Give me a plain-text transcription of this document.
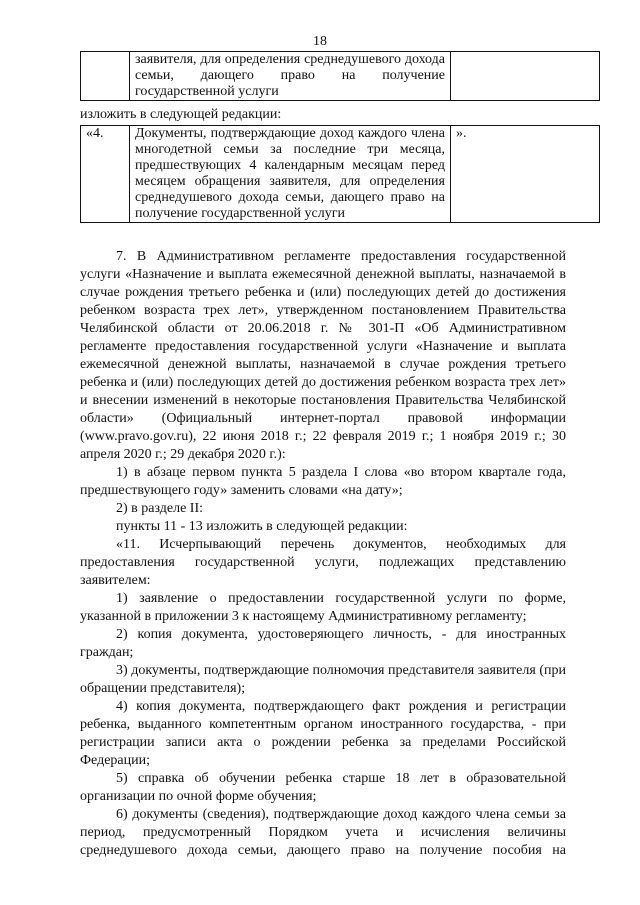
18
	заявителя, для определения среднедушевого дохода семьи, дающего право на получение государственной услуги	
изложить в следующей редакции:
«4.	Документы, подтверждающие доход каждого члена многодетной семьи за последние три месяца, предшествующих 4 календарным месяцам перед месяцем обращения заявителя, для определения среднедушевого дохода семьи, дающего право на получение государственной услуги	».

7. В Административном регламенте предоставления государственной услуги «Назначение и выплата ежемесячной денежной выплаты, назначаемой в случае рождения третьего ребенка и (или) последующих детей до достижения ребенком возраста трех лет», утвержденном постановлением Правительства Челябинской области от 20.06.2018 г. № 301-П «Об Административном регламенте предоставления государственной услуги «Назначение и выплата ежемесячной денежной выплаты, назначаемой в случае рождения третьего ребенка и (или) последующих детей до достижения ребенком возраста трех лет» и внесении изменений в некоторые постановления Правительства Челябинской области» (Официальный интернет-портал правовой информации (www.pravo.gov.ru), 22 июня 2018 г.; 22 февраля 2019 г.; 1 ноября 2019 г.; 30 апреля 2020 г.; 29 декабря 2020 г.):

1) в абзаце первом пункта 5 раздела I слова «во втором квартале года, предшествующего году» заменить словами «на дату»;

2) в разделе II:

пункты 11 - 13 изложить в следующей редакции:

«11. Исчерпывающий перечень документов, необходимых для предоставления государственной услуги, подлежащих представлению заявителем:

1) заявление о предоставлении государственной услуги по форме, указанной в приложении 3 к настоящему Административному регламенту;

2) копия документа, удостоверяющего личность, - для иностранных граждан;

3) документы, подтверждающие полномочия представителя заявителя (при обращении представителя);

4) копия документа, подтверждающего факт рождения и регистрации ребенка, выданного компетентным органом иностранного государства, - при регистрации записи акта о рождении ребенка за пределами Российской Федерации;

5) справка об обучении ребенка старше 18 лет в образовательной организации по очной форме обучения;

6) документы (сведения), подтверждающие доход каждого члена семьи за период, предусмотренный Порядком учета и исчисления величины среднедушевого дохода семьи, дающего право на получение пособия на
